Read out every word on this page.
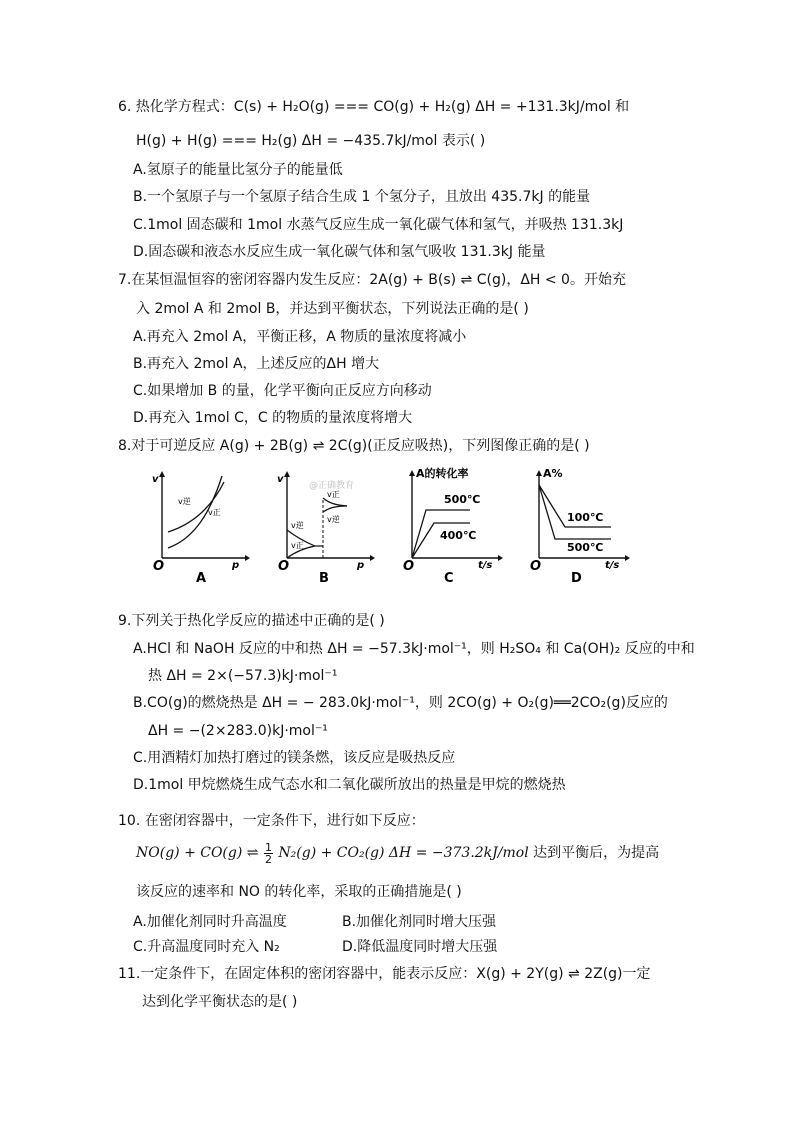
6. 热化学方程式：C(s) + H₂O(g) === CO(g) + H₂(g) ΔH = +131.3kJ/mol 和
H(g) + H(g) === H₂(g) ΔH = −435.7kJ/mol 表示( )
A.氢原子的能量比氢分子的能量低
B.一个氢原子与一个氢原子结合生成 1 个氢分子，且放出 435.7kJ 的能量
C.1mol 固态碳和 1mol 水蒸气反应生成一氧化碳气体和氢气，并吸热 131.3kJ
D.固态碳和液态水反应生成一氧化碳气体和氢气吸收 131.3kJ 能量
7.在某恒温恒容的密闭容器内发生反应：2A(g) + B(s) ⇌ C(g)，ΔH < 0。开始充
入 2mol A 和 2mol B，并达到平衡状态，下列说法正确的是( )
A.再充入 2mol A，平衡正移，A 物质的量浓度将减小
B.再充入 2mol A，上述反应的ΔH 增大
C.如果增加 B 的量，化学平衡向正反应方向移动
D.再充入 1mol C，C 的物质的量浓度将增大
8.对于可逆反应 A(g) + 2B(g) ⇌ 2C(g)(正反应吸热)，下列图像正确的是( )
v
p
O
v逆
v正
A
v
p
O
v逆
v正
v正
v逆
@正确教育
B
A的转化率
t/s
O
500℃
400℃
C
A%
t/s
O
100℃
500℃
D
9.下列关于热化学反应的描述中正确的是( )
A.HCl 和 NaOH 反应的中和热 ΔH = −57.3kJ·mol⁻¹，则 H₂SO₄ 和 Ca(OH)₂ 反应的中和
热 ΔH = 2×(−57.3)kJ·mol⁻¹
B.CO(g)的燃烧热是 ΔH = − 283.0kJ·mol⁻¹，则 2CO(g) + O₂(g)══2CO₂(g)反应的
ΔH = −(2×283.0)kJ·mol⁻¹
C.用酒精灯加热打磨过的镁条燃，该反应是吸热反应
D.1mol 甲烷燃烧生成气态水和二氧化碳所放出的热量是甲烷的燃烧热
10. 在密闭容器中，一定条件下，进行如下反应：
NO(g) + CO(g) ⇌ $\frac{1}{2} N_2(g) + CO_2(g) \Delta H = -373.2kJ/mol$ 达到平衡后，为提高
该反应的速率和 NO 的转化率，采取的正确措施是( )
A.加催化剂同时升高温度	B.加催化剂同时增大压强
C.升高温度同时充入 N₂	D.降低温度同时增大压强
11.一定条件下，在固定体积的密闭容器中，能表示反应：X(g) + 2Y(g) ⇌ 2Z(g)一定
达到化学平衡状态的是( )
